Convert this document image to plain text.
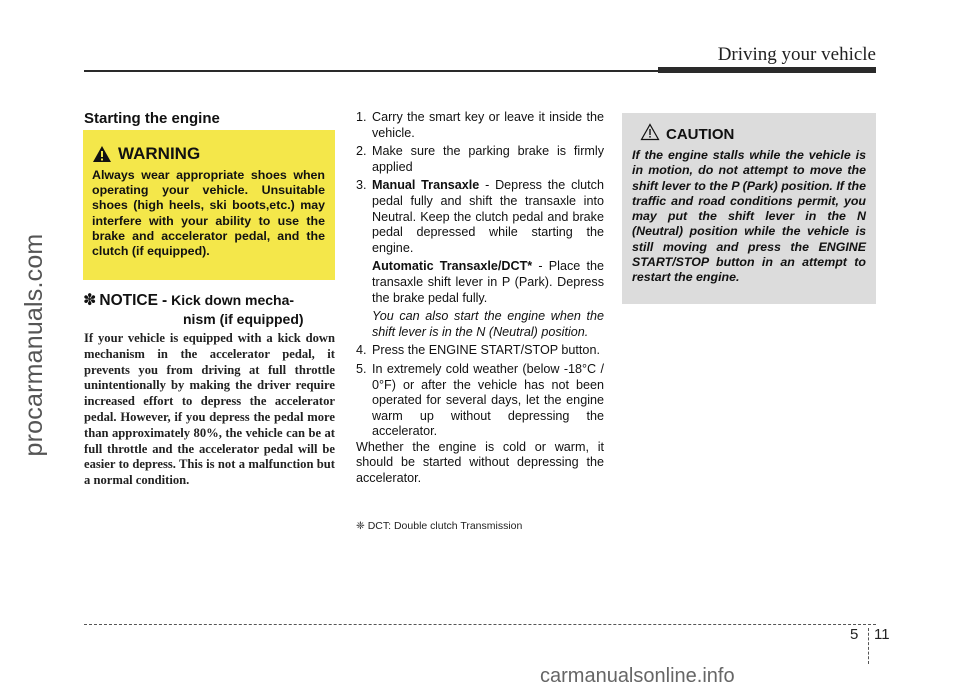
Driving your vehicle
procarmanuals.com
Starting the engine
WARNING
Always wear appropriate shoes when operating your vehicle. Unsuitable shoes (high heels, ski boots,etc.) may interfere with your ability to use the brake and accelerator pedal, and the clutch (if equipped).
✽ NOTICE - Kick down mecha-
nism (if equipped)
If your vehicle is equipped with a kick down mechanism in the accelerator pedal, it prevents you from driving at full throttle unintentionally by making the driver require increased effort to depress the accelerator pedal. However, if you depress the pedal more than approximately 80%, the vehicle can be at full throttle and the accelerator pedal will be easier to depress. This is not a malfunction but a normal condition.
1. Carry the smart key or leave it inside the vehicle.
2. Make sure the parking brake is firmly applied
3. Manual Transaxle - Depress the clutch pedal fully and shift the transaxle into Neutral. Keep the clutch pedal and brake pedal depressed while starting the engine.
Automatic Transaxle/DCT* - Place the transaxle shift lever in P (Park). Depress the brake pedal fully.
You can also start the engine when the shift lever is in the N (Neutral) position.
4. Press the ENGINE START/STOP button.
5. In extremely cold weather (below -18°C / 0°F) or after the vehicle has not been operated for several days, let the engine warm up without depressing the accelerator.

Whether the engine is cold or warm, it should be started without depressing the accelerator.

❈ DCT: Double clutch Transmission
CAUTION
If the engine stalls while the vehicle is in motion, do not attempt to move the shift lever to the P (Park) position. If the traffic and road conditions permit, you may put the shift lever in the N (Neutral) position while the vehicle is still moving and press the ENGINE START/STOP button in an attempt to restart the engine.
5 11
carmanualsonline.info
